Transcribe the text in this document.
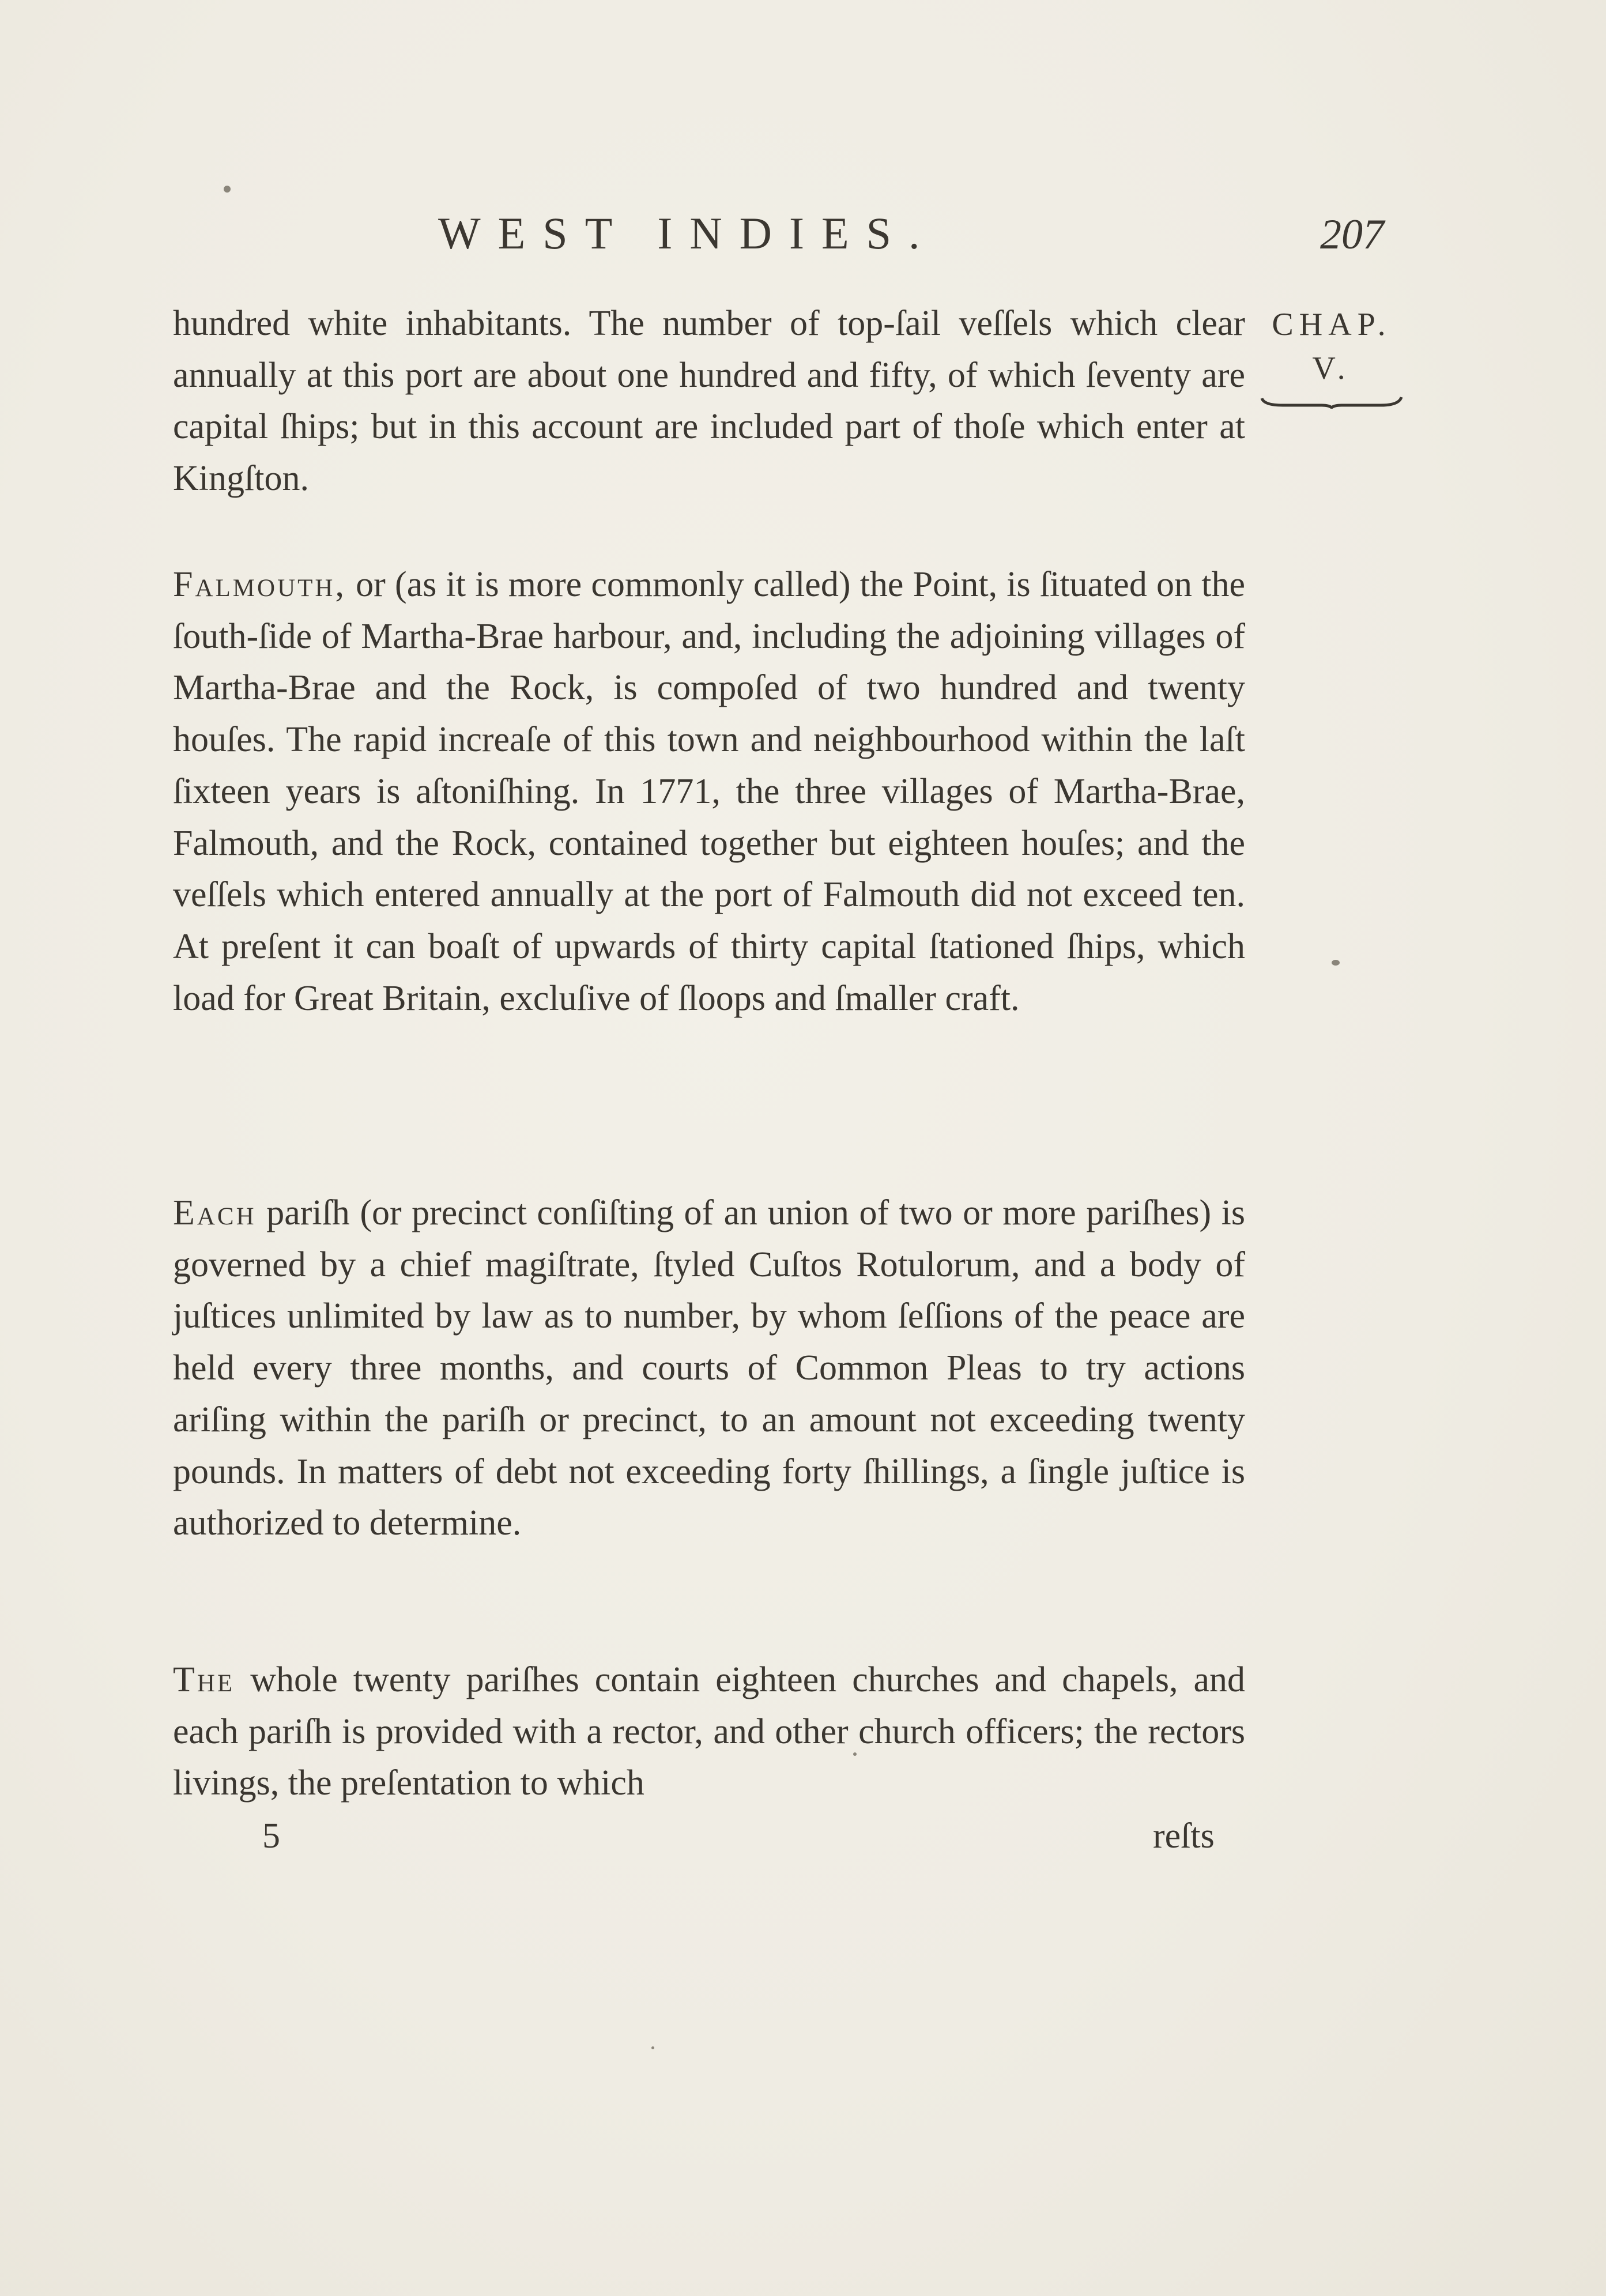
WEST INDIES.	207
CHAP.
V.

hundred white inhabitants. The number of top-ſail veſſels which clear annually at this port are about one hundred and fifty, of which ſeventy are capital ſhips; but in this account are included part of thoſe which enter at Kingſton.

Falmouth, or (as it is more commonly called) the Point, is ſituated on the ſouth-ſide of Martha-Brae harbour, and, including the adjoining villages of Martha-Brae and the Rock, is compoſed of two hundred and twenty houſes. The rapid increaſe of this town and neighbourhood within the laſt ſixteen years is aſtoniſhing. In 1771, the three villages of Martha-Brae, Falmouth, and the Rock, contained together but eighteen houſes; and the veſſels which entered annually at the port of Falmouth did not exceed ten. At preſent it can boaſt of upwards of thirty capital ſtationed ſhips, which load for Great Britain, excluſive of ſloops and ſmaller craft.

Each pariſh (or precinct conſiſting of an union of two or more pariſhes) is governed by a chief magiſtrate, ſtyled Cuſtos Rotulorum, and a body of juſtices unlimited by law as to number, by whom ſeſſions of the peace are held every three months, and courts of Common Pleas to try actions ariſing within the pariſh or precinct, to an amount not exceeding twenty pounds. In matters of debt not exceeding forty ſhillings, a ſingle juſtice is authorized to determine.

The whole twenty pariſhes contain eighteen churches and chapels, and each pariſh is provided with a rector, and other church officers; the rectors livings, the preſentation to which

5	reſts
